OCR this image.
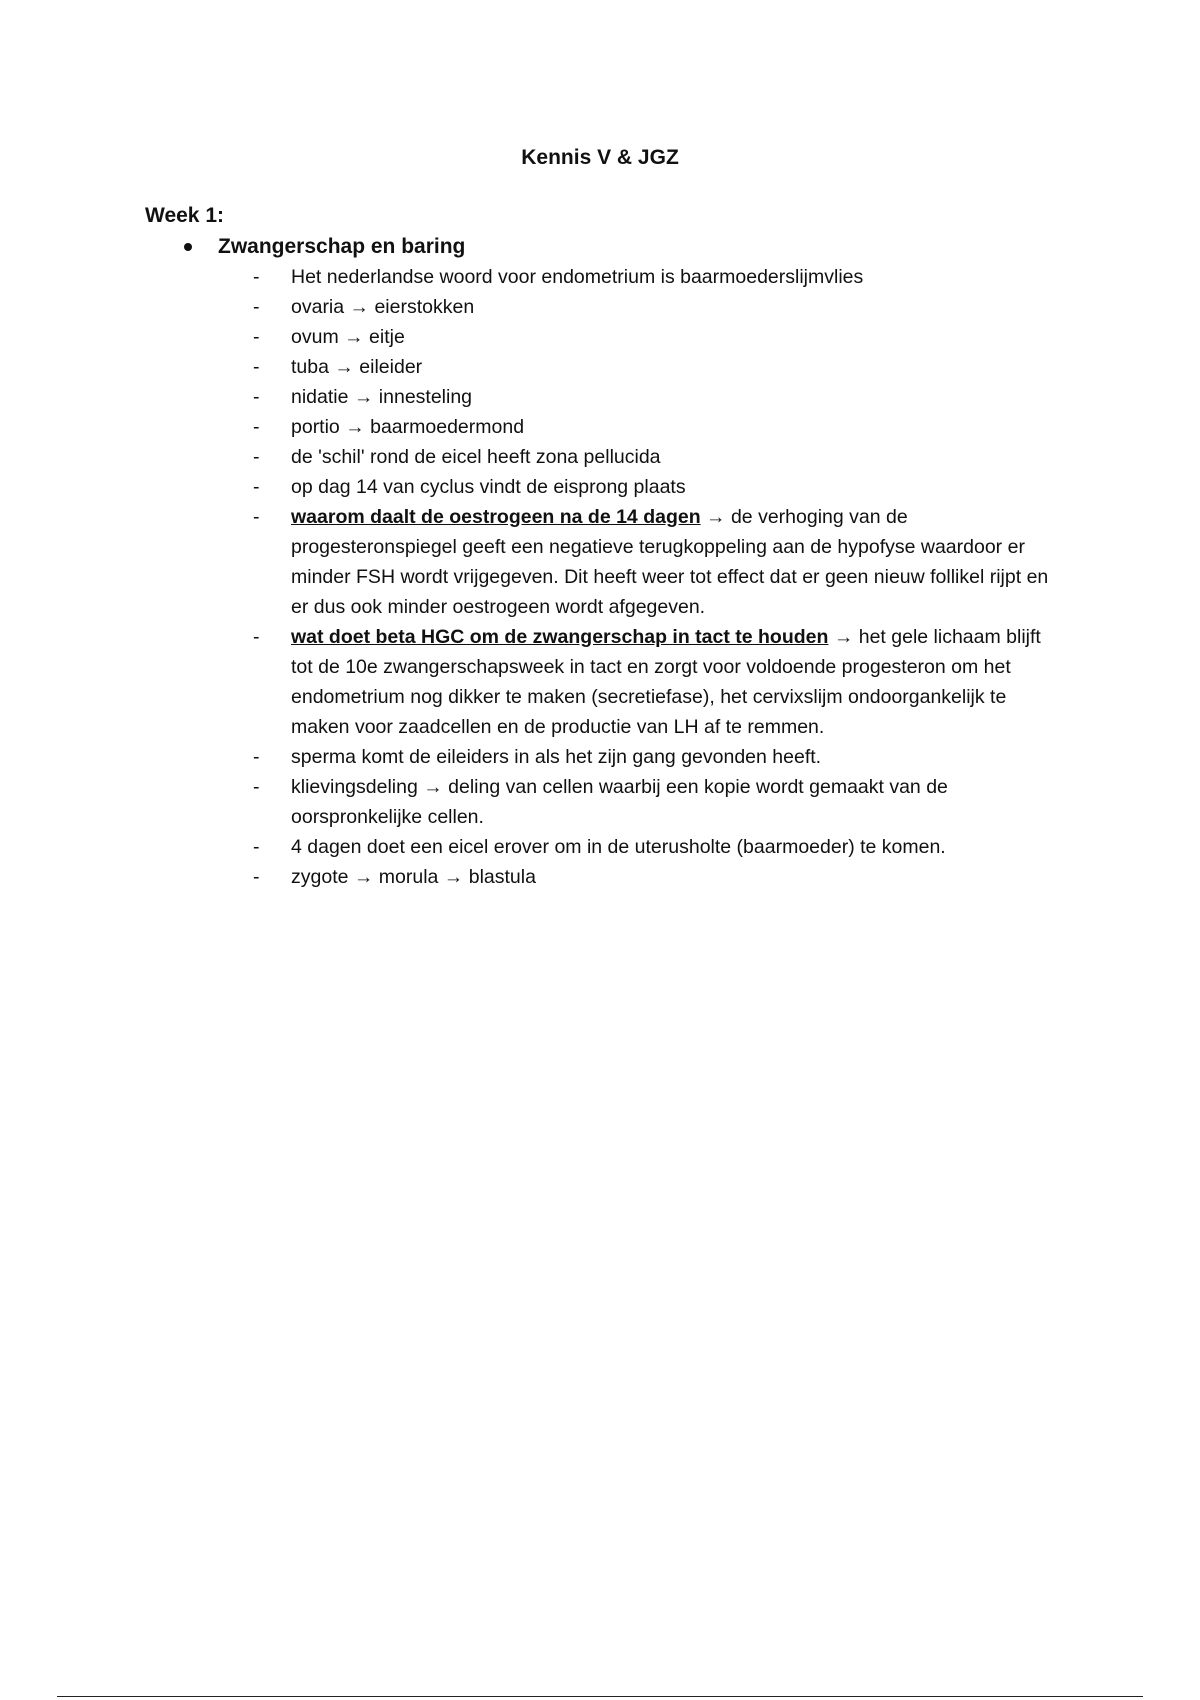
Kennis V & JGZ
Week 1:
Zwangerschap en baring
-	Het nederlandse woord voor endometrium is baarmoederslijmvlies
-	ovaria → eierstokken
-	ovum → eitje
-	tuba → eileider
-	nidatie → innesteling
-	portio → baarmoedermond
-	de 'schil' rond de eicel heeft zona pellucida
-	op dag 14 van cyclus vindt de eisprong plaats
-	waarom daalt de oestrogeen na de 14 dagen → de verhoging van de progesteronspiegel geeft een negatieve terugkoppeling aan de hypofyse waardoor er minder FSH wordt vrijgegeven. Dit heeft weer tot effect dat er geen nieuw follikel rijpt en er dus ook minder oestrogeen wordt afgegeven.
-	wat doet beta HGC om de zwangerschap in tact te houden → het gele lichaam blijft tot de 10e zwangerschapsweek in tact en zorgt voor voldoende progesteron om het endometrium nog dikker te maken (secretiefase), het cervixslijm ondoorgankelijk te maken voor zaadcellen en de productie van LH af te remmen.
-	sperma komt de eileiders in als het zijn gang gevonden heeft.
-	klievingsdeling → deling van cellen waarbij een kopie wordt gemaakt van de oorspronkelijke cellen.
-	4 dagen doet een eicel erover om in de uterusholte (baarmoeder) te komen.
-	zygote → morula → blastula
